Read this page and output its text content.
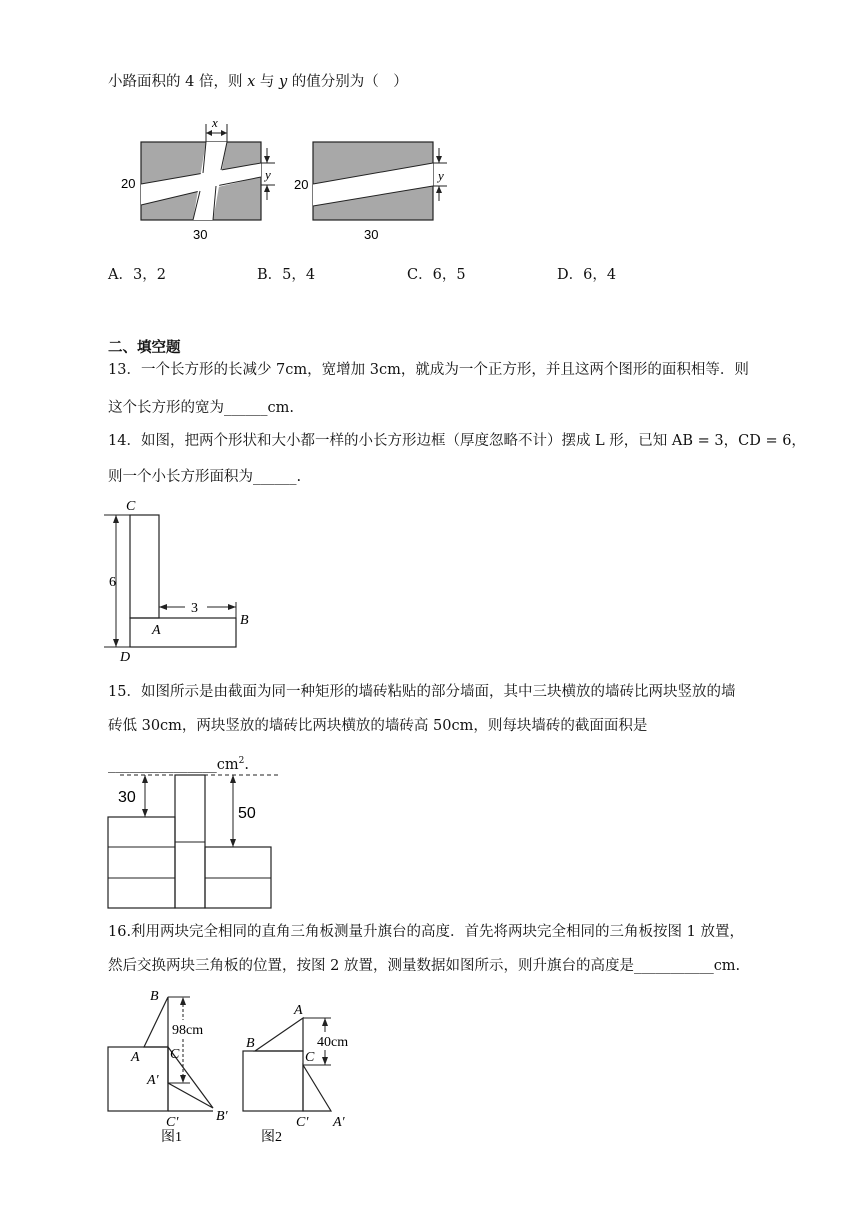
小路面积的 4 倍，则 x 与 y 的值分别为（　）
x
y
20
30
y
20
30
A．3，2	B．5，4	C．6，5	D．6，4
二、填空题
13．一个长方形的长减少 7cm，宽增加 3cm，就成为一个正方形，并且这两个图形的面积相等．则
这个长方形的宽为______cm.
14．如图，把两个形状和大小都一样的小长方形边框（厚度忽略不计）摆成 L 形，已知 AB = 3，CD = 6，
则一个小长方形面积为______.
6
3
C
A
B
D
15．如图所示是由截面为同一种矩形的墙砖粘贴的部分墙面，其中三块横放的墙砖比两块竖放的墙
砖低 30cm，两块竖放的墙砖比两块横放的墙砖高 50cm，则每块墙砖的截面面积是
$\_\_\_\_\_\_\_\_\_\_\_\_\_\_\_cm^2$.
30
50
16.利用两块完全相同的直角三角板测量升旗台的高度．首先将两块完全相同的三角板按图 1 放置，
然后交换两块三角板的位置，按图 2 放置，测量数据如图所示，则升旗台的高度是___________cm.
98cm
B
A C
A′
C′	B′
图1
40cm
A
B
C
C′ A′
图2
